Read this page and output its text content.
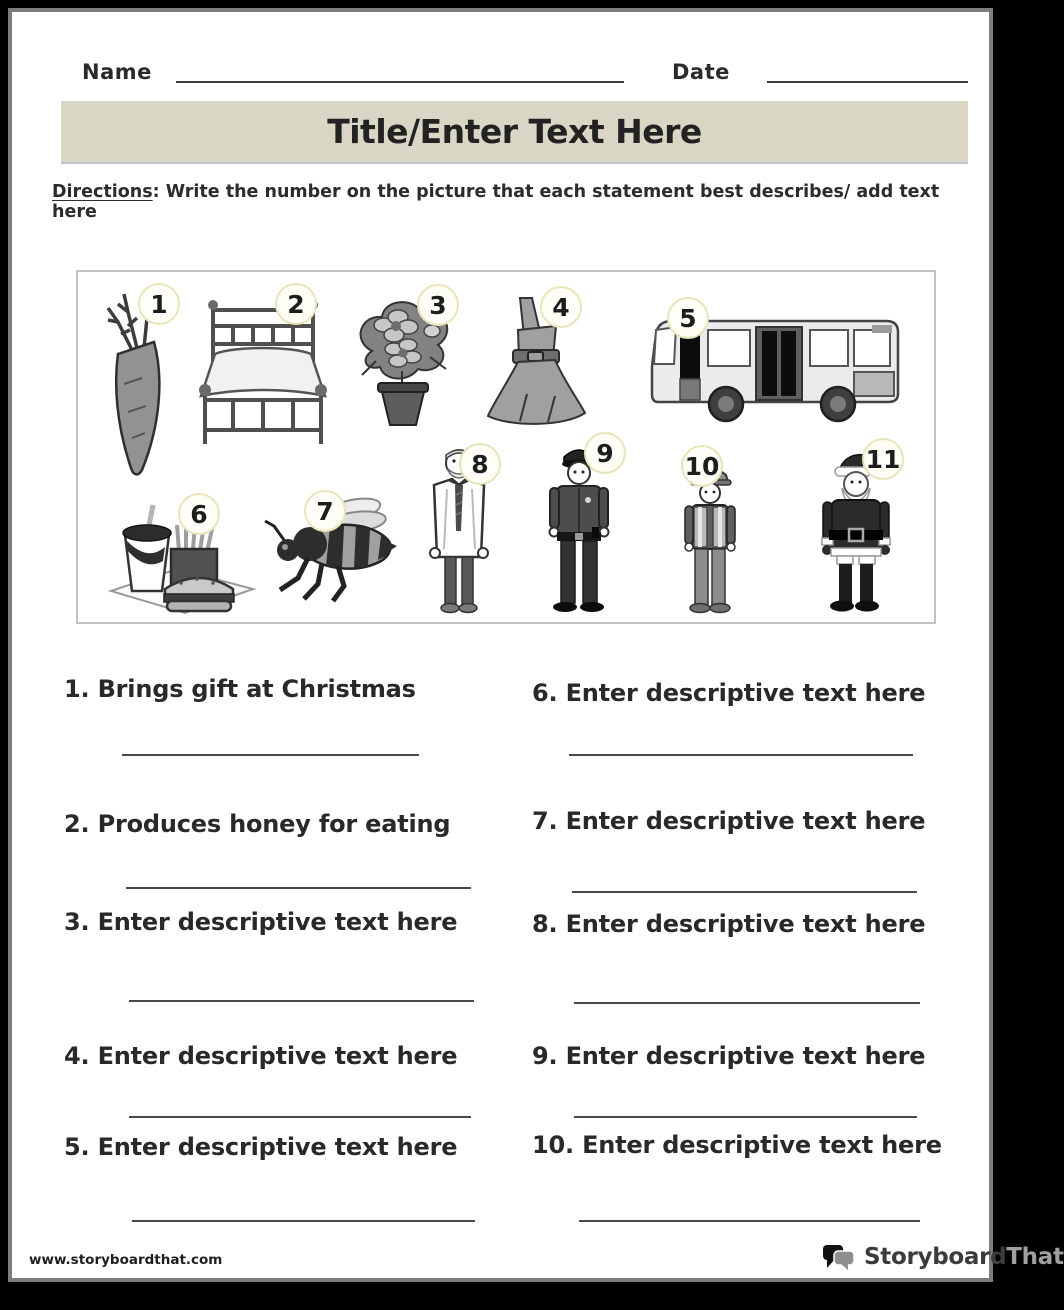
Name	Date
Title/Enter Text Here
Directions: Write the number on the picture that each statement best describes/ add text here
1	2	3	4	5
6	7
8	9	10	11
1. Brings gift at Christmas
2. Produces honey for eating
3. Enter descriptive text here
4. Enter descriptive text here
5. Enter descriptive text here
6. Enter descriptive text here
7. Enter descriptive text here
8. Enter descriptive text here
9. Enter descriptive text here
10. Enter descriptive text here
www.storyboardthat.com	StoryboardThat
